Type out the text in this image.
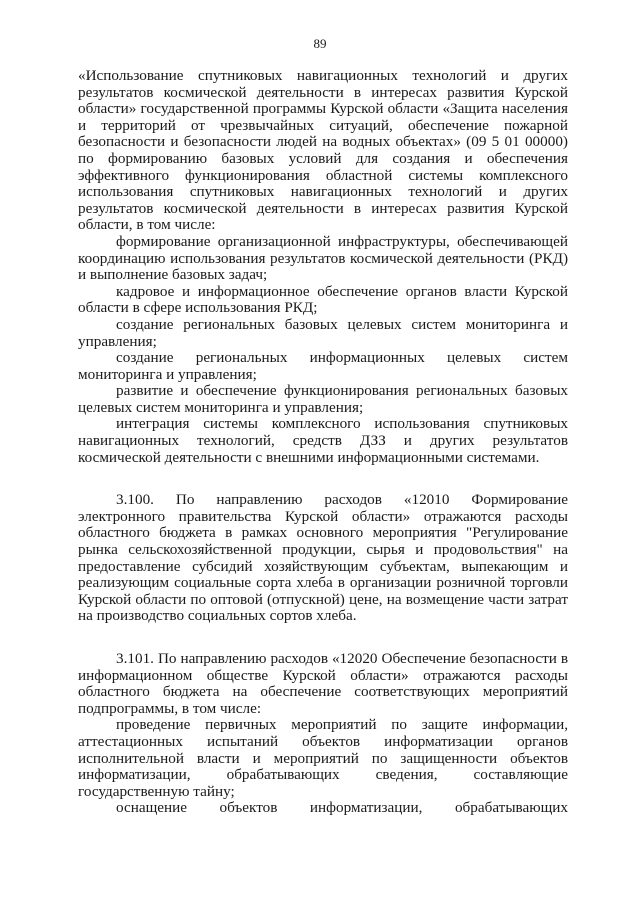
89

«Использование спутниковых навигационных технологий и других результатов космической деятельности в интересах развития Курской области» государственной программы Курской области «Защита населения и территорий от чрезвычайных ситуаций, обеспечение пожарной безопасности и безопасности людей на водных объектах» (09 5 01 00000) по формированию базовых условий для создания и обеспечения эффективного функционирования областной системы комплексного использования спутниковых навигационных технологий и других результатов космической деятельности в интересах развития Курской области, в том числе:

формирование организационной инфраструктуры, обеспечивающей координацию использования результатов космической деятельности (РКД) и выполнение базовых задач;

кадровое и информационное обеспечение органов власти Курской области в сфере использования РКД;

создание региональных базовых целевых систем мониторинга и управления;

создание региональных информационных целевых систем мониторинга и управления;

развитие и обеспечение функционирования региональных базовых целевых систем мониторинга и управления;

интеграция системы комплексного использования спутниковых навигационных технологий, средств ДЗЗ и других результатов космической деятельности с внешними информационными системами.

3.100. По направлению расходов «12010 Формирование электронного правительства Курской области» отражаются расходы областного бюджета в рамках основного мероприятия "Регулирование рынка сельскохозяйственной продукции, сырья и продовольствия" на предоставление субсидий хозяйствующим субъектам, выпекающим и реализующим социальные сорта хлеба в организации розничной торговли Курской области по оптовой (отпускной) цене, на возмещение части затрат на производство социальных сортов хлеба.

3.101. По направлению расходов «12020 Обеспечение безопасности в информационном обществе Курской области» отражаются расходы областного бюджета на обеспечение соответствующих мероприятий подпрограммы, в том числе:

проведение первичных мероприятий по защите информации, аттестационных испытаний объектов информатизации органов исполнительной власти и мероприятий по защищенности объектов информатизации, обрабатывающих сведения, составляющие государственную тайну;

оснащение объектов информатизации, обрабатывающих
